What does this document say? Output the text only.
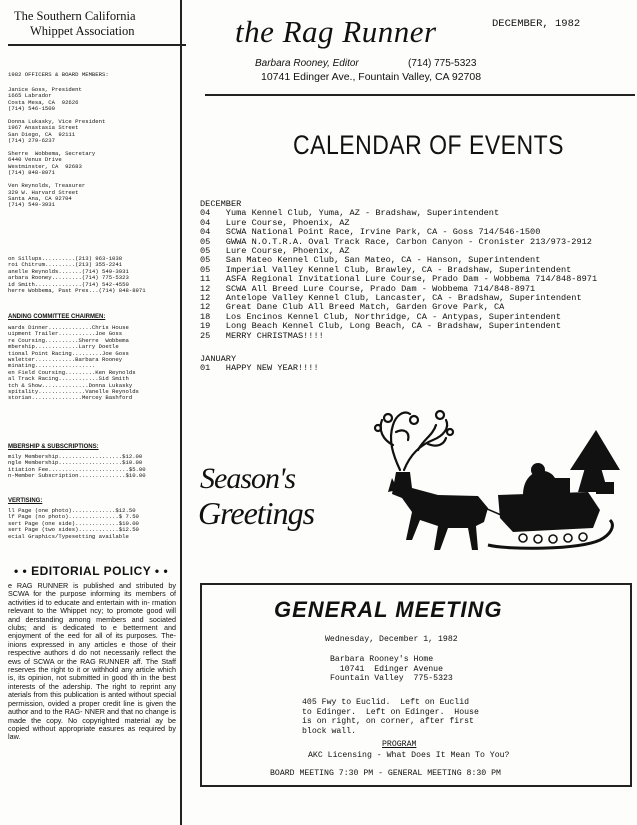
The Southern California
Whippet Association
1982 OFFICERS & BOARD MEMBERS:
Janice Goss, President
1665 Labrador
Costa Mesa, CA  92626
(714) 546-1500

Donna Lukasky, Vice President
1967 Anastasia Street
San Diego, CA  92111
(714) 279-6237

Sherre  Wobbema, Secretary
6440 Venus Drive
Westminster, CA  92683
(714) 848-8971

Ven Reynolds, Treasurer
329 W. Harvard Street
Santa Ana, CA 92704
(714) 549-3931
on Sillups..........(213) 963-1038
roi Chitrum.........(213) 355-2241
anelle Reynolds.......(714) 549-3931
arbara Rooney.........(714) 775-5323
id Smith..............(714) 542-4550
herre Wobbema, Past Pres...(714) 848-8971
ANDING COMMITTEE CHAIRMEN:
wards Dinner.............Chris House
uipment Trailer...........Joe Goss
re Coursing..........Sherre  Wobbema
mbership.............Larry Doetle
tional Point Racing.........Joe Goss
wsletter............Barbara Rooney
minating..................
en Field Coursing.........Ken Reynolds
al Track Racing............Sid Smith
tch & Show..............Donna Lukasky
spitality..............Vanelle Reynolds
storian...............Mercey Bashford
MBERSHIP & SUBSCRIPTIONS:
mily Membership...................$12.00
ngle Membership...................$10.00
itiation Fee........................$5.00
n-Member Subscription..............$10.00
VERTISING:
ll Page (one photo).............$12.50
lf Page (no photo)...............$ 7.50
sert Page (one side).............$10.00
sert Page (two sides)............$12.50
ecial Graphics/Typesetting available
• • EDITORIAL POLICY • •
e RAG RUNNER is published and stributed by SCWA for the purpose informing its members of activities id to educate and entertain with in- rmation relevant to the Whippet ncy; to promote good will and derstanding among members and sociated clubs; and is dedicated to e betterment and enjoyment of the eed for all of its purposes. The- inions expressed in any articles e those of their respective authors d do not necessarily reflect the ews of SCWA or the RAG RUNNER aff. The Staff reserves the right to it or withhold any article which is, its opinion, not submitted in good ith in the best interests of the adership. The right to reprint any aterials from this publication is anted without special permission, ovided a proper credit line is given the author and to the RAG- NNER and that no change is made the copy. No copyrighted material ay be copied without appropriate easures as required by law.
the Rag Runner	DECEMBER, 1982
Barbara Rooney, Editor	(714) 775-5323
10741 Edinger Ave., Fountain Valley, CA 92708
CALENDAR OF EVENTS
DECEMBER
04   Yuma Kennel Club, Yuma, AZ - Bradshaw, Superintendent
04   Lure Course, Phoenix, AZ
04   SCWA National Point Race, Irvine Park, CA - Goss 714/546-1500
05   GWWA N.O.T.R.A. Oval Track Race, Carbon Canyon - Cronister 213/973-2912
05   Lure Course, Phoenix, AZ
05   San Mateo Kennel Club, San Mateo, CA - Hanson, Superintendent
05   Imperial Valley Kennel Club, Brawley, CA - Bradshaw, Superintendent
11   ASFA Regional Invitational Lure Course, Prado Dam - Wobbema 714/848-8971
12   SCWA All Breed Lure Course, Prado Dam - Wobbema 714/848-8971
12   Antelope Valley Kennel Club, Lancaster, CA - Bradshaw, Superintendent
12   Great Dane Club All Breed Match, Garden Grove Park, CA
18   Los Encinos Kennel Club, Northridge, CA - Antypas, Superintendent
19   Long Beach Kennel Club, Long Beach, CA - Bradshaw, Superintendent
25   MERRY CHRISTMAS!!!!
JANUARY
01   HAPPY NEW YEAR!!!!
Season's
Greetings
GENERAL MEETING
Wednesday, December 1, 1982
Barbara Rooney's Home
10741  Edinger Avenue
Fountain Valley  775-5323
405 Fwy to Euclid.  Left on Euclid
to Edinger.  Left on Edinger.  House
is on right, on corner, after first
block wall.
PROGRAM
AKC Licensing - What Does It Mean To You?
BOARD MEETING 7:30 PM - GENERAL MEETING 8:30 PM
